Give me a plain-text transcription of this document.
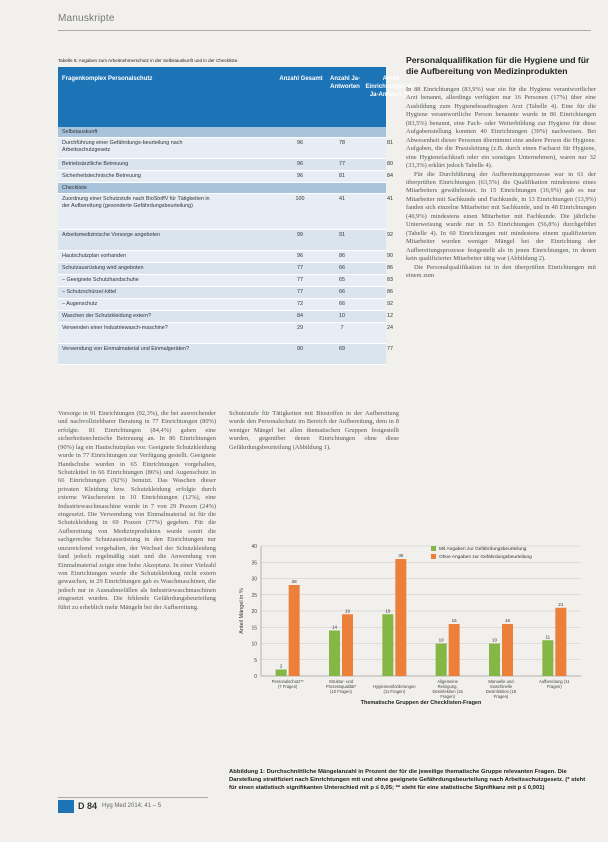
Manuskripte
Tabelle 5: Angaben zum Arbeitnehmerschutz in der Selbstauskunft und in der Checkliste.
Fragenkomplex Personalschutz	Anzahl Gesamt	Anzahl Ja-Antworten
Anteil Einrichtungen mit Ja-Antwort (%)
Selbstauskunft
Durchführung einer Gefährdungs-beurteilung nach Arbeitsschutzgesetz
96	78	81
Betriebsärztliche Betreuung	96	77	80
Sicherheitstechnische Betreuung	96	81	84
Checkliste
Zuordnung einer Schutzstufe nach BioStoffV für Tätigkeiten in der Aufbereitung (gesonderte Gefährdungsbeurteilung)
100	41	41
Arbeitsmedizinische Vorsorge angeboten	99	91	92
Hautschutzplan vorhanden	96	86	90
Schutzausrüstung wird angeboten	77	66	86
– Geeignete Schutzhandschuhe	77	65	83
– Schutzschürze/-kittel	77	66	86
– Augenschutz	72	66	92
Waschen der Schutzkleidung extern?	84	10	12
Verwenden einer Industriewasch-maschine?	29	7	24
Verwendung von Einmalmaterial und Einmalgeräten?	90	69	77
Personalqualifikation für die Hygiene und für die Aufbereitung von Medizinprodukten
In 88 Einrichtungen (83,9%) war ein für die Hygiene verantwortlicher Arzt benannt, allerdings verfügten nur 16 Personen (17%) über eine Ausbildung zum Hygienebeauftragten Arzt (Tabelle 4). Eine für die Hygiene verantwortliche Person benannte wurde in 86 Einrichtungen (83,5%) benannt, eine Fach- oder Weiterbildung zur Hygiene für diese Aufgabenstellung konnten 40 Einrichtungen (39%) nachweisen. Bei Abwesenheit dieser Personen übernimmt eine andere Person die Hygiene. Aufgaben, die die Praxisleitung (z.B. durch einen Facharzt für Hygiene, eine Hygienefachkraft oder ein sonstiges Unternehmen), waren nur 32 (33,3%) erklärt jedoch Tabelle 4).
Für die Durchführung der Aufbereitungsprozesse war in 61 der überprüften Einrichtungen (63,5%) die Qualifikation mindestens eines Mitarbeiters gewährleistet. In 15 Einrichtungen (16,9%) gab es nur Mitarbeiter mit Sachkunde und Fachkunde, in 13 Einrichtungen (13,9%) fanden sich einzelne Mitarbeiter mit Sachkunde, und in 48 Einrichtungen (40,9%) mindestens einen Mitarbeiter mit Fachkunde. Die jährliche Unterweisung wurde nur in 53 Einrichtungen (56,8%) durchgeführt (Tabelle 4). In 60 Einrichtungen mit mindestens einem qualifizierten Mitarbeiter wurden weniger Mängel bei der Einrichtung der Aufbereitungsprozesse festgestellt als in jenen Einrichtungen, in denen kein qualifizierter Mitarbeiter tätig war (Abbildung 2).
Die Personalqualifikation ist in den überprüften Einrichtungen mit einem zum
Vorsorge in 91 Einrichtungen (92,3%), die bei ausreichender und nachvollziehbarer Beratung in 77 Einrichtungen (80%) erfolgte. 81 Einrichtungen (84,4%) gaben eine sicherheitstechnische Betreuung an. In 86 Einrichtungen (90%) lag ein Hautschutzplan vor. Geeignete Schutzkleidung wurde in 77 Einrichtungen zur Verfügung gestellt. Geeignete Handschuhe wurden in 65 Einrichtungen vorgehalten, Schutzkittel in 66 Einrichtungen (86%) und Augenschutz in 66 Einrichtungen (92%) benutzt. Das Waschen dieser privaten Kleidung bzw. Schutzkleidung erfolgte durch externe Wäschereien in 10 Einrichtungen (12%), eine Industriewaschmaschine wurde in 7 von 29 Praxen (24%) eingesetzt. Die Verwendung von Einmalmaterial ist für die Schutzkleidung in 69 Praxen (77%) gegeben. Für die Aufbereitung von Medizinprodukten wurde somit die sachgerechte Schutzausrüstung in den Einrichtungen nur unzureichend vorgehalten, der Wechsel der Schutzkleidung fand jedoch regelmäßig statt und die Anwendung von Einmalmaterial zeigte eine hohe Akzeptanz. In einer Vielzahl von Einrichtungen wurde die Schutzkleidung nicht extern gewaschen, in 29 Einrichtungen gab es Waschmaschinen, die jedoch nur in Ausnahmefällen als Industriewaschmaschinen eingesetzt wurden. Die fehlende Gefährdungsbeurteilung führt zu erheblich mehr Mängeln bei der Aufbereitung.
Schutzstufe für Tätigkeiten mit Biostoffen in der Aufbereitung wurde den Personalschutz im Bereich der Aufbereitung, dem in 8 weniger Mängel bei allen thematischen Gruppen festgestellt wurden, gegenüber denen Einrichtungen ohne diese Gefährdungsbeurteilung (Abbildung 1).
0
5
10
15
20
25
30
35
40
Anteil Mängel in %
2
28
Personalschutz** (7 Fragen)
14
19
Struktur- und Prozessqualität* (10 Fragen)
19
36
Hygieneanforderungen (11 Fragen)
10
16
Allgemeine Reinigung, Desinfektion (15 Fragen)
10
16
Manuelle und maschinelle Desinfektion (18 Fragen)
11
21
Aufbereitung (11 Fragen)
Thematische Gruppen der Checklisten-Fragen
Mit Angaben zur Gefährdungsbeurteilung
Ohne Angaben zur Gefährdungsbeurteilung
Abbildung 1: Durchschnittliche Mängelanzahl in Prozent der für die jeweilige thematische Gruppe relevanten Fragen. Die Darstellung stratifiziert nach Einrichtungen mit und ohne geeignete Gefährdungsbeurteilung nach Arbeitsschutzgesetz. (* steht für einen statistisch signifikanten Unterschied mit p ≤ 0,05; ** steht für eine statistische Signifikanz mit p ≤ 0,001)
D 84 Hyg Med 2014; 41 – 5
